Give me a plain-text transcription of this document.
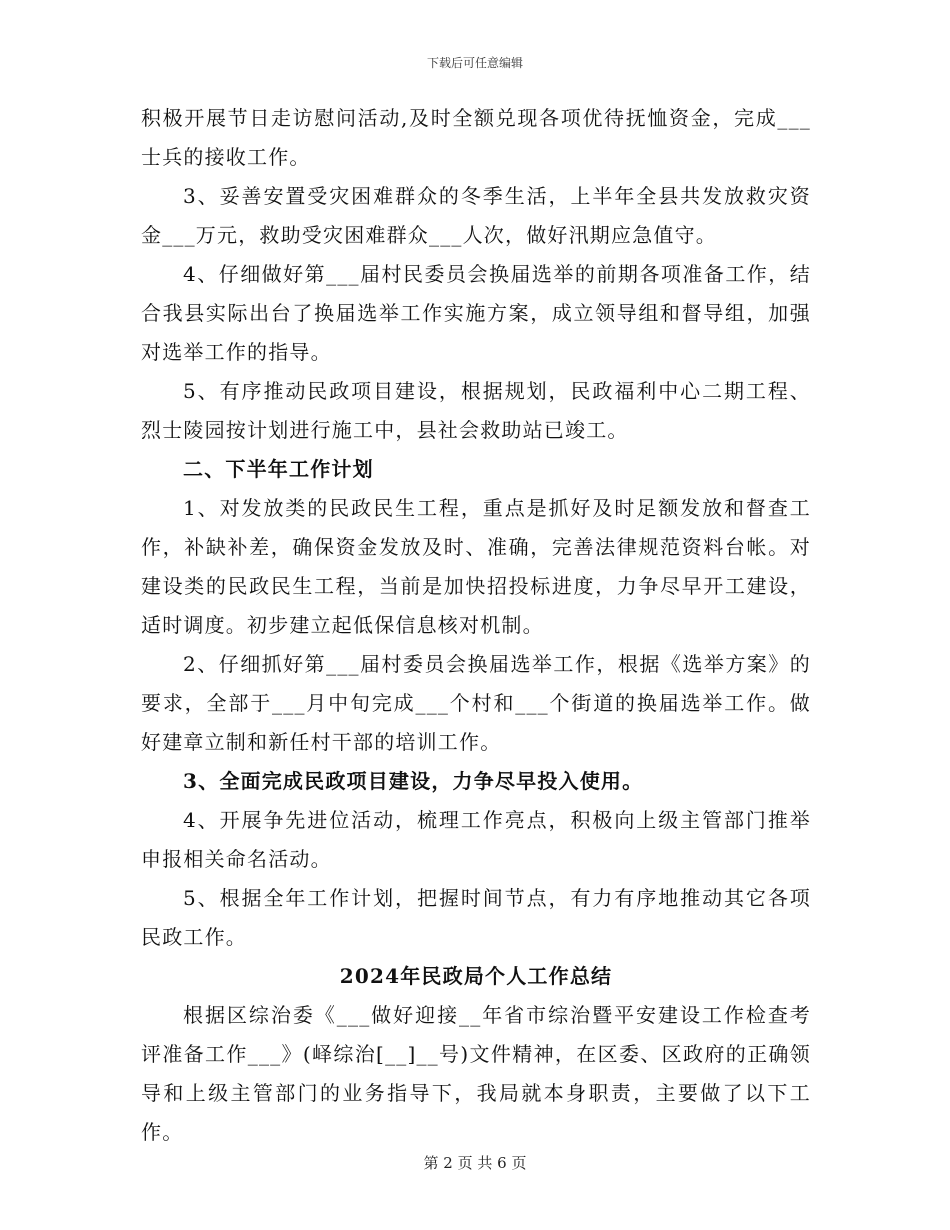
下载后可任意编辑

积极开展节日走访慰问活动,及时全额兑现各项优待抚恤资金，完成___士兵的接收工作。

3、妥善安置受灾困难群众的冬季生活，上半年全县共发放救灾资金___万元，救助受灾困难群众___人次，做好汛期应急值守。

4、仔细做好第___届村民委员会换届选举的前期各项准备工作，结合我县实际出台了换届选举工作实施方案，成立领导组和督导组，加强对选举工作的指导。

5、有序推动民政项目建设，根据规划，民政福利中心二期工程、烈士陵园按计划进行施工中，县社会救助站已竣工。

二、下半年工作计划

1、对发放类的民政民生工程，重点是抓好及时足额发放和督查工作，补缺补差，确保资金发放及时、准确，完善法律规范资料台帐。对建设类的民政民生工程，当前是加快招投标进度，力争尽早开工建设，适时调度。初步建立起低保信息核对机制。

2、仔细抓好第___届村委员会换届选举工作，根据《选举方案》的要求，全部于___月中旬完成___个村和___个街道的换届选举工作。做好建章立制和新任村干部的培训工作。

3、全面完成民政项目建设，力争尽早投入使用。

4、开展争先进位活动，梳理工作亮点，积极向上级主管部门推举申报相关命名活动。

5、根据全年工作计划，把握时间节点，有力有序地推动其它各项民政工作。

2024年民政局个人工作总结

根据区综治委《___做好迎接__年省市综治暨平安建设工作检查考评准备工作___》(峄综治[__]__号)文件精神，在区委、区政府的正确领导和上级主管部门的业务指导下，我局就本身职责，主要做了以下工作。

第 2 页 共 6 页
